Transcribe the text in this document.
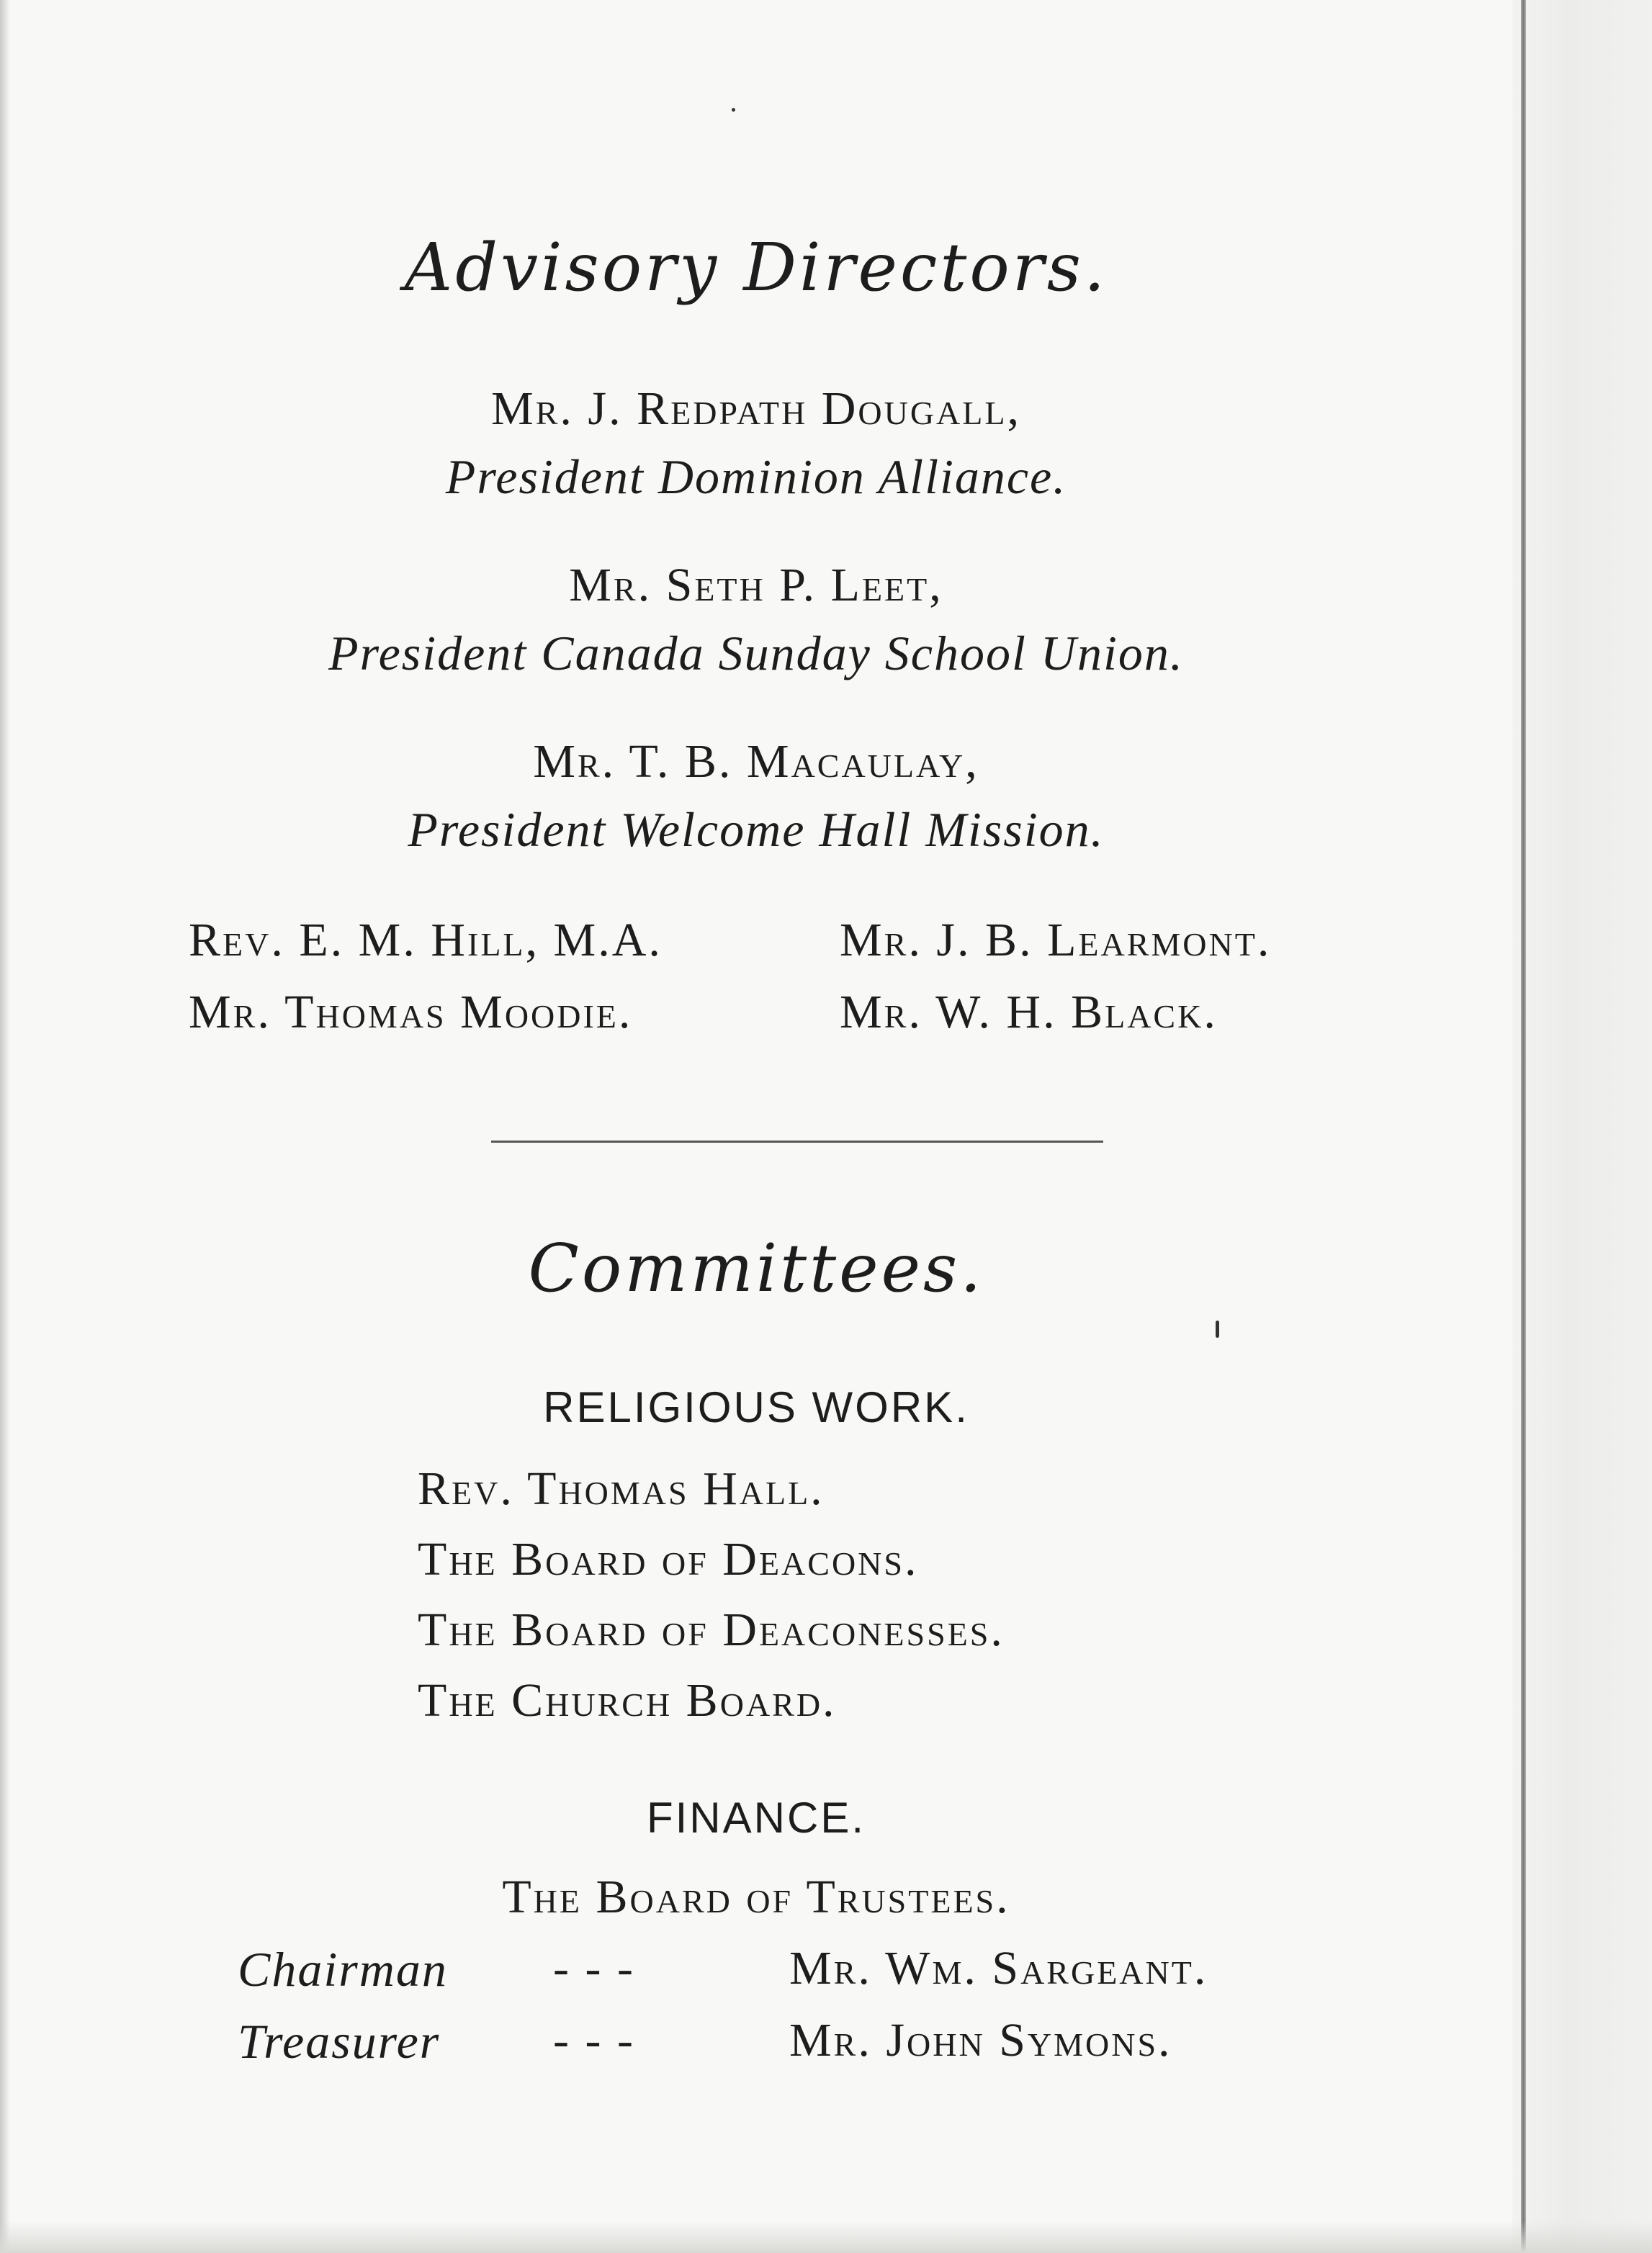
Advisory Directors.
Mr. J. Redpath Dougall,
President Dominion Alliance.
Mr. Seth P. Leet,
President Canada Sunday School Union.
Mr. T. B. Macaulay,
President Welcome Hall Mission.
Rev. E. M. Hill, M.A.	Mr. J. B. Learmont.
Mr. Thomas Moodie.	Mr. W. H. Black.
Committees.
RELIGIOUS WORK.
Rev. Thomas Hall.
The Board of Deacons.
The Board of Deaconesses.
The Church Board.
FINANCE.
The Board of Trustees.
Chairman - - -	Mr. Wm. Sargeant.
Treasurer - - -	Mr. John Symons.
